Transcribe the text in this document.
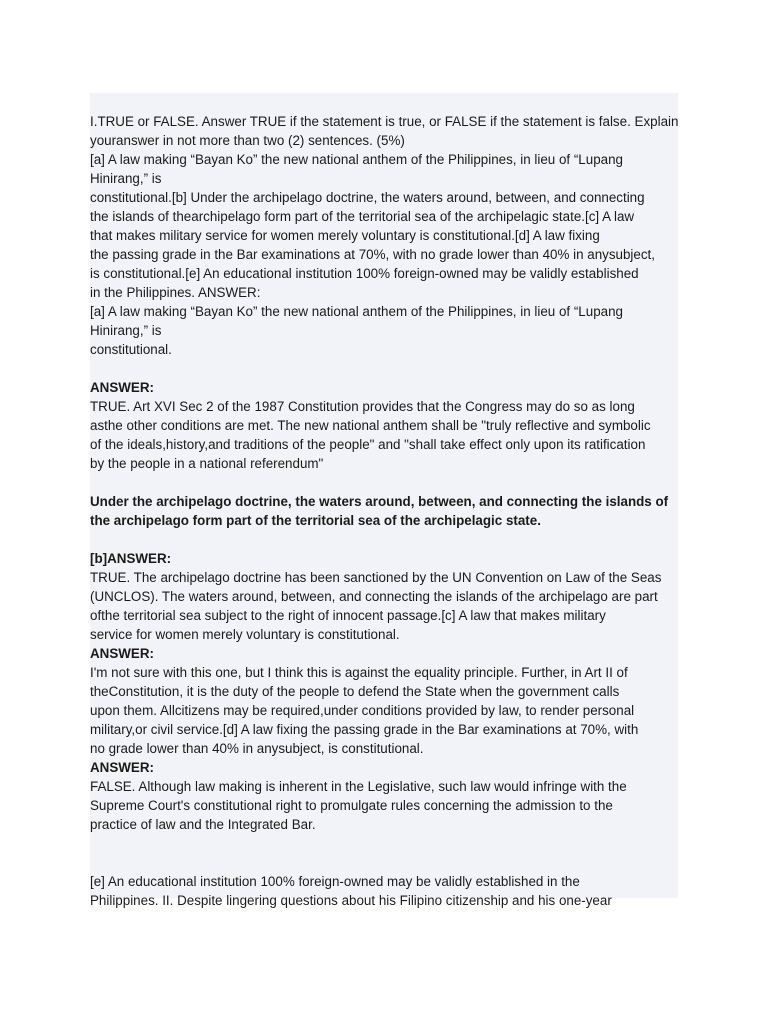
I.TRUE or FALSE. Answer TRUE if the statement is true, or FALSE if the statement is false. Explain
youranswer in not more than two (2) sentences. (5%)
[a] A law making “Bayan Ko” the new national anthem of the Philippines, in lieu of “Lupang
Hinirang,” is
constitutional.[b] Under the archipelago doctrine, the waters around, between, and connecting
the islands of thearchipelago form part of the territorial sea of the archipelagic state.[c] A law
that makes military service for women merely voluntary is constitutional.[d] A law fixing
the passing grade in the Bar examinations at 70%, with no grade lower than 40% in anysubject,
is constitutional.[e] An educational institution 100% foreign-owned may be validly established
in the Philippines. ANSWER:
[a] A law making “Bayan Ko” the new national anthem of the Philippines, in lieu of “Lupang
Hinirang,” is
constitutional.

ANSWER:
TRUE. Art XVI Sec 2 of the 1987 Constitution provides that the Congress may do so as long
asthe other conditions are met. The new national anthem shall be "truly reflective and symbolic
of the ideals,history,and traditions of the people" and "shall take effect only upon its ratification
by the people in a national referendum"

Under the archipelago doctrine, the waters around, between, and connecting the islands of
the archipelago form part of the territorial sea of the archipelagic state.

[b]ANSWER:
TRUE. The archipelago doctrine has been sanctioned by the UN Convention on Law of the Seas
(UNCLOS). The waters around, between, and connecting the islands of the archipelago are part
ofthe territorial sea subject to the right of innocent passage.[c] A law that makes military
service for women merely voluntary is constitutional.
ANSWER:
I'm not sure with this one, but I think this is against the equality principle. Further, in Art II of
theConstitution, it is the duty of the people to defend the State when the government calls
upon them. Allcitizens may be required,under conditions provided by law, to render personal
military,or civil service.[d] A law fixing the passing grade in the Bar examinations at 70%, with
no grade lower than 40% in anysubject, is constitutional.
ANSWER:
FALSE. Although law making is inherent in the Legislative, such law would infringe with the
Supreme Court's constitutional right to promulgate rules concerning the admission to the
practice of law and the Integrated Bar.

[e] An educational institution 100% foreign-owned may be validly established in the
Philippines. II. Despite lingering questions about his Filipino citizenship and his one-year
